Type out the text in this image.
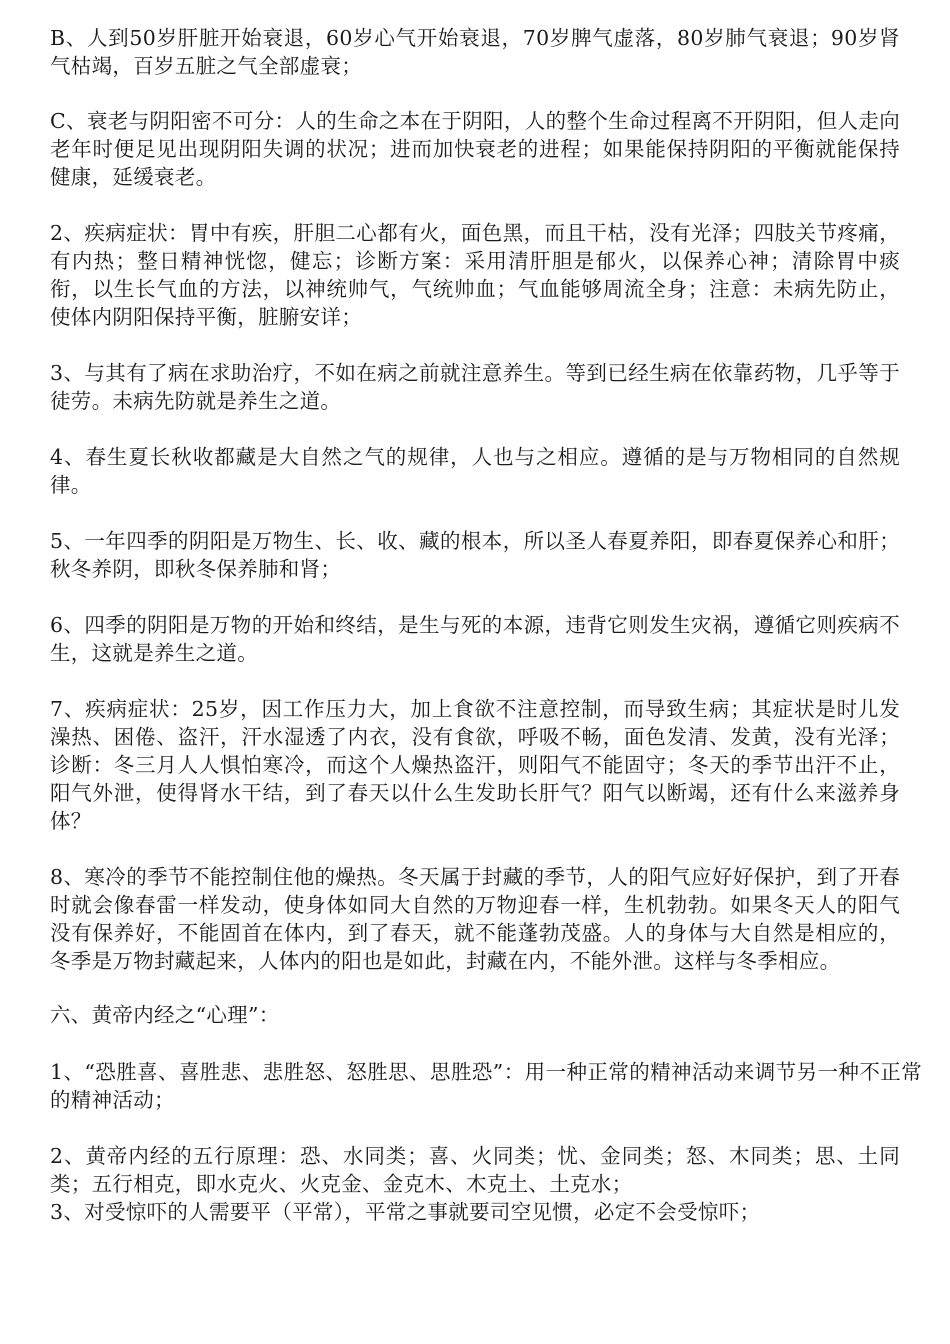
B、人到50岁肝脏开始衰退，60岁心气开始衰退，70岁脾气虚落，80岁肺气衰退；90岁肾气枯竭，百岁五脏之气全部虚衰；

C、衰老与阴阳密不可分：人的生命之本在于阴阳，人的整个生命过程离不开阴阳，但人走向老年时便足见出现阴阳失调的状况；进而加快衰老的进程；如果能保持阴阳的平衡就能保持健康，延缓衰老。

2、疾病症状：胃中有疾，肝胆二心都有火，面色黑，而且干枯，没有光泽；四肢关节疼痛，有内热；整日精神恍惚，健忘；诊断方案：采用清肝胆是郁火，以保养心神；清除胃中痰衔，以生长气血的方法，以神统帅气，气统帅血；气血能够周流全身；注意：未病先防止，使体内阴阳保持平衡，脏腑安详；

3、与其有了病在求助治疗，不如在病之前就注意养生。等到已经生病在依靠药物，几乎等于徒劳。未病先防就是养生之道。

4、春生夏长秋收都藏是大自然之气的规律，人也与之相应。遵循的是与万物相同的自然规律。

5、一年四季的阴阳是万物生、长、收、藏的根本，所以圣人春夏养阳，即春夏保养心和肝；秋冬养阴，即秋冬保养肺和肾；

6、四季的阴阳是万物的开始和终结，是生与死的本源，违背它则发生灾祸，遵循它则疾病不生，这就是养生之道。

7、疾病症状：25岁，因工作压力大，加上食欲不注意控制，而导致生病；其症状是时儿发澡热、困倦、盗汗，汗水湿透了内衣，没有食欲，呼吸不畅，面色发清、发黄，没有光泽；诊断：冬三月人人惧怕寒冷，而这个人燥热盗汗，则阳气不能固守；冬天的季节出汗不止，阳气外泄，使得肾水干结，到了春天以什么生发助长肝气？阳气以断竭，还有什么来滋养身体？

8、寒冷的季节不能控制住他的燥热。冬天属于封藏的季节，人的阳气应好好保护，到了开春时就会像春雷一样发动，使身体如同大自然的万物迎春一样，生机勃勃。如果冬天人的阳气没有保养好，不能固首在体内，到了春天，就不能蓬勃茂盛。人的身体与大自然是相应的，冬季是万物封藏起来，人体内的阳也是如此，封藏在内，不能外泄。这样与冬季相应。

六、黄帝内经之“心理”：

1、“恐胜喜、喜胜悲、悲胜怒、怒胜思、思胜恐”：用一种正常的精神活动来调节另一种不正常的精神活动；

2、黄帝内经的五行原理：恐、水同类；喜、火同类；忧、金同类；怒、木同类；思、土同类；五行相克，即水克火、火克金、金克木、木克土、土克水；

3、对受惊吓的人需要平（平常），平常之事就要司空见惯，必定不会受惊吓；
